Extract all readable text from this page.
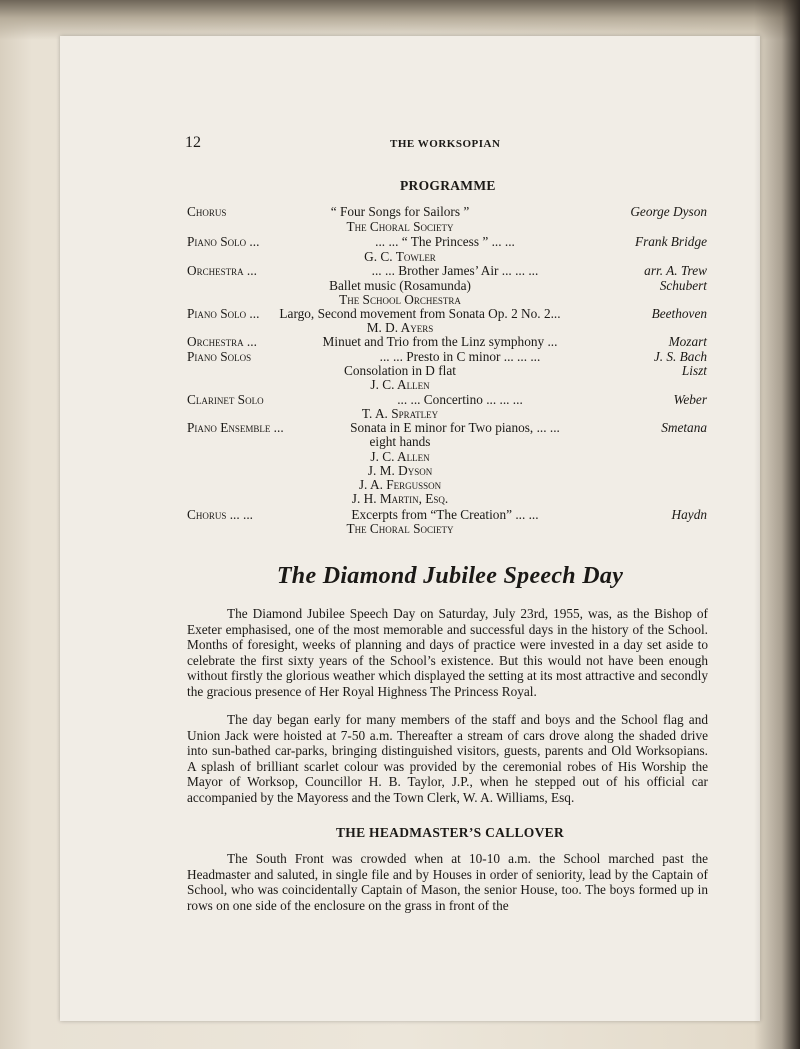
12	THE WORKSOPIAN
PROGRAMME
Chorus	“ Four Songs for Sailors ”	George Dyson
The Choral Society
Piano Solo ...	... ... “ The Princess ” ... ...	Frank Bridge
G. C. Towler
Orchestra ...	... ... Brother James’ Air ... ... ...	arr. A. Trew
Ballet music (Rosamunda)	Schubert
The School Orchestra
Piano Solo ...	Largo, Second movement from Sonata Op. 2 No. 2...	Beethoven
M. D. Ayers
Orchestra ...	Minuet and Trio from the Linz symphony ...	Mozart
Piano Solos	... ... Presto in C minor ... ... ...	J. S. Bach
Consolation in D flat	Liszt
J. C. Allen
Clarinet Solo	... ... Concertino ... ... ...	Weber
T. A. Spratley
Piano Ensemble ...	Sonata in E minor for Two pianos, ... ...	Smetana
eight hands
J. C. Allen
J. M. Dyson
J. A. Fergusson
J. H. Martin, Esq.
Chorus ... ...	Excerpts from “The Creation” ... ...	Haydn
The Choral Society
The Diamond Jubilee Speech Day

The Diamond Jubilee Speech Day on Saturday, July 23rd, 1955, was, as the Bishop of Exeter emphasised, one of the most memorable and successful days in the history of the School. Months of foresight, weeks of planning and days of practice were invested in a day set aside to celebrate the first sixty years of the School’s existence. But this would not have been enough without firstly the glorious weather which displayed the setting at its most attractive and secondly the gracious presence of Her Royal Highness The Princess Royal.

The day began early for many members of the staff and boys and the School flag and Union Jack were hoisted at 7-50 a.m. Thereafter a stream of cars drove along the shaded drive into sun-bathed car-parks, bringing distinguished visitors, guests, parents and Old Worksopians. A splash of brilliant scarlet colour was provided by the ceremonial robes of His Worship the Mayor of Worksop, Councillor H. B. Taylor, J.P., when he stepped out of his official car accompanied by the Mayoress and the Town Clerk, W. A. Williams, Esq.

THE HEADMASTER’S CALLOVER

The South Front was crowded when at 10-10 a.m. the School marched past the Headmaster and saluted, in single file and by Houses in order of seniority, lead by the Captain of School, who was coincidentally Captain of Mason, the senior House, too. The boys formed up in rows on one side of the enclosure on the grass in front of the
